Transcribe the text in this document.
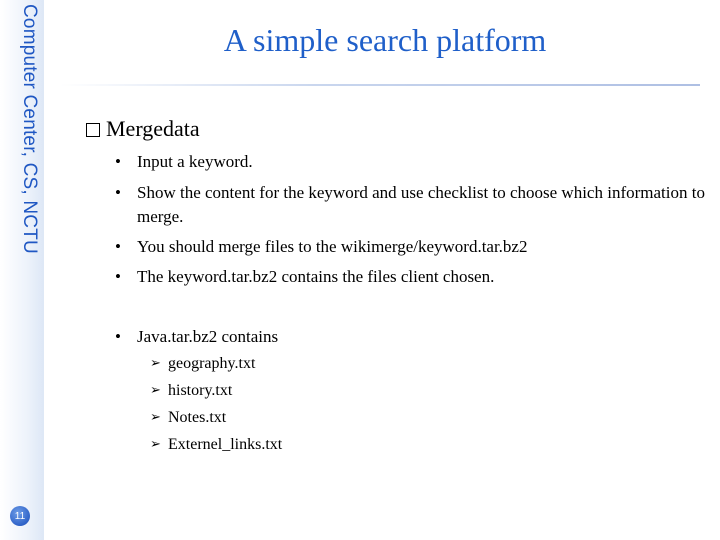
Computer Center, CS, NCTU
11
A simple search platform
Mergedata
• Input a keyword.
• Show the content for the keyword and use checklist to choose which information to merge.
• You should merge files to the wikimerge/keyword.tar.bz2
• The keyword.tar.bz2 contains the files client chosen.
• Java.tar.bz2 contains
➢ geography.txt
➢ history.txt
➢ Notes.txt
➢ Externel_links.txt
